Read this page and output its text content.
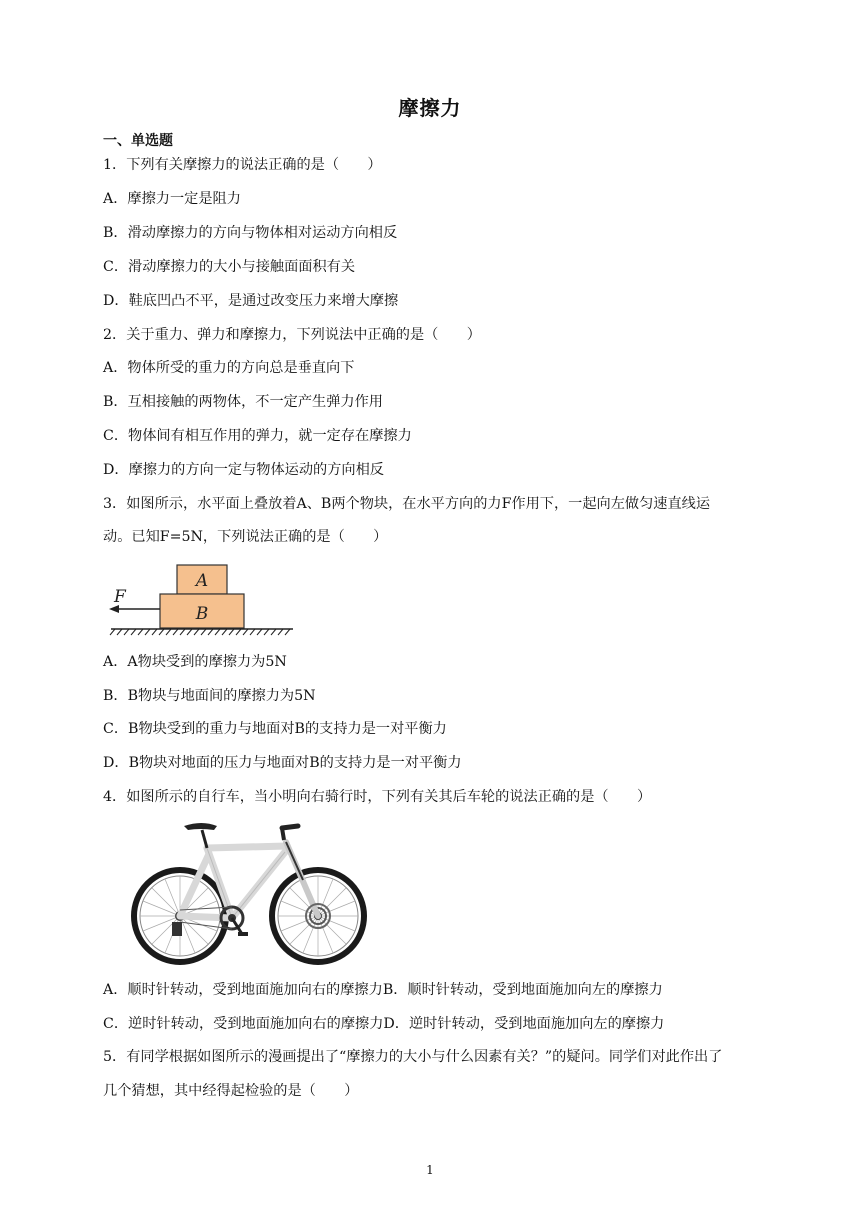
摩擦力
一、单选题
1．下列有关摩擦力的说法正确的是（　　）
A．摩擦力一定是阻力
B．滑动摩擦力的方向与物体相对运动方向相反
C．滑动摩擦力的大小与接触面面积有关
D．鞋底凹凸不平，是通过改变压力来增大摩擦
2．关于重力、弹力和摩擦力，下列说法中正确的是（　　）
A．物体所受的重力的方向总是垂直向下
B．互相接触的两物体，不一定产生弹力作用
C．物体间有相互作用的弹力，就一定存在摩擦力
D．摩擦力的方向一定与物体运动的方向相反
3．如图所示，水平面上叠放着A、B两个物块，在水平方向的力F作用下，一起向左做匀速直线运
动。已知F=5N，下列说法正确的是（　　）
A
B
F
A．A物块受到的摩擦力为5N
B．B物块与地面间的摩擦力为5N
C．B物块受到的重力与地面对B的支持力是一对平衡力
D．B物块对地面的压力与地面对B的支持力是一对平衡力
4．如图所示的自行车，当小明向右骑行时，下列有关其后车轮的说法正确的是（　　）
A．顺时针转动，受到地面施加向右的摩擦力B．顺时针转动，受到地面施加向左的摩擦力
C．逆时针转动，受到地面施加向右的摩擦力D．逆时针转动，受到地面施加向左的摩擦力
5．有同学根据如图所示的漫画提出了“摩擦力的大小与什么因素有关？”的疑问。同学们对此作出了
几个猜想，其中经得起检验的是（　　）
1
